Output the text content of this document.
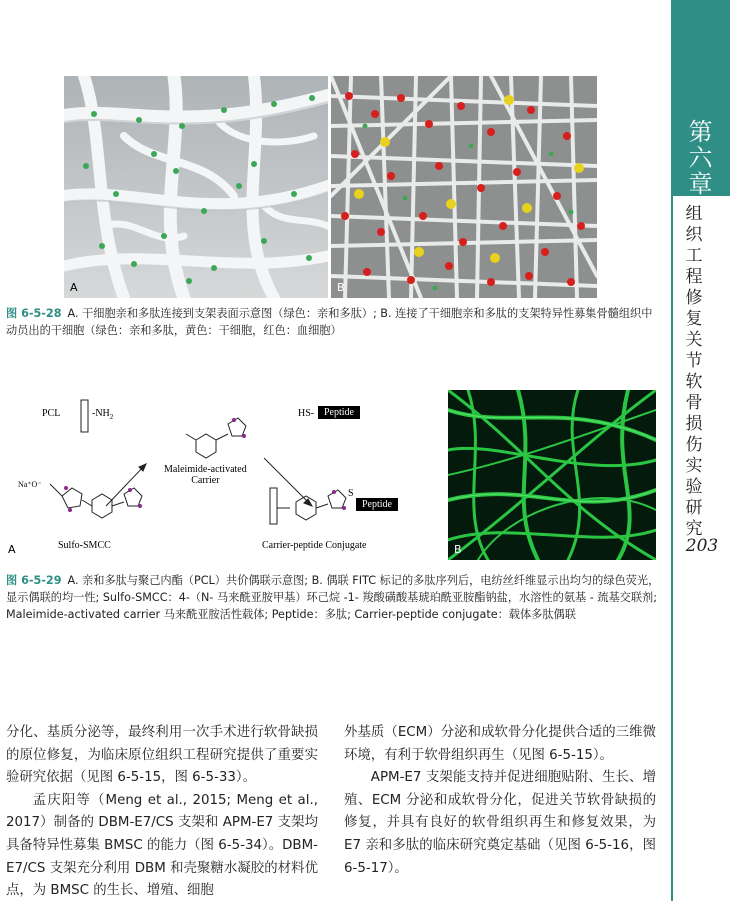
第
六
章
组
织
工
程
修
复
关
节
软
骨
损
伤
实
验
研
究
203
A	B
图 6-5-28 A. 干细胞亲和多肽连接到支架表面示意图（绿色：亲和多肽）; B. 连接了干细胞亲和多肽的支架特异性募集骨髓组织中动员出的干细胞（绿色：亲和多肽，黄色：干细胞，红色：血细胞）
PCL	$-NH_2$
Maleimide-activated
Carrier
HS- Peptide
Na⁺O⁻
S
Peptide
Sulfo-SMCC	Carrier-peptide Conjugate
A	B
图 6-5-29 A. 亲和多肽与聚己内酯（PCL）共价偶联示意图; B. 偶联 FITC 标记的多肽序列后，电纺丝纤维显示出均匀的绿色荧光，显示偶联的均一性; Sulfo-SMCC：4-（N- 马来酰亚胺甲基）环己烷 -1- 羧酸磺酸基琥珀酰亚胺酯钠盐，水溶性的氨基 - 巯基交联剂; Maleimide-activated carrier 马来酰亚胺活性载体; Peptide：多肽; Carrier-peptide conjugate：载体多肽偶联

分化、基质分泌等，最终利用一次手术进行软骨缺损的原位修复，为临床原位组织工程研究提供了重要实验研究依据（见图 6-5-15，图 6-5-33）。

孟庆阳等（Meng et al., 2015; Meng et al., 2017）制备的 DBM-E7/CS 支架和 APM-E7 支架均具备特异性募集 BMSC 的能力（图 6-5-34）。DBM-E7/CS 支架充分利用 DBM 和壳聚糖水凝胶的材料优点，为 BMSC 的生长、增殖、细胞

外基质（ECM）分泌和成软骨分化提供合适的三维微环境，有利于软骨组织再生（见图 6-5-15）。

APM-E7 支架能支持并促进细胞贴附、生长、增殖、ECM 分泌和成软骨分化，促进关节软骨缺损的修复，并具有良好的软骨组织再生和修复效果，为 E7 亲和多肽的临床研究奠定基础（见图 6-5-16，图 6-5-17）。
